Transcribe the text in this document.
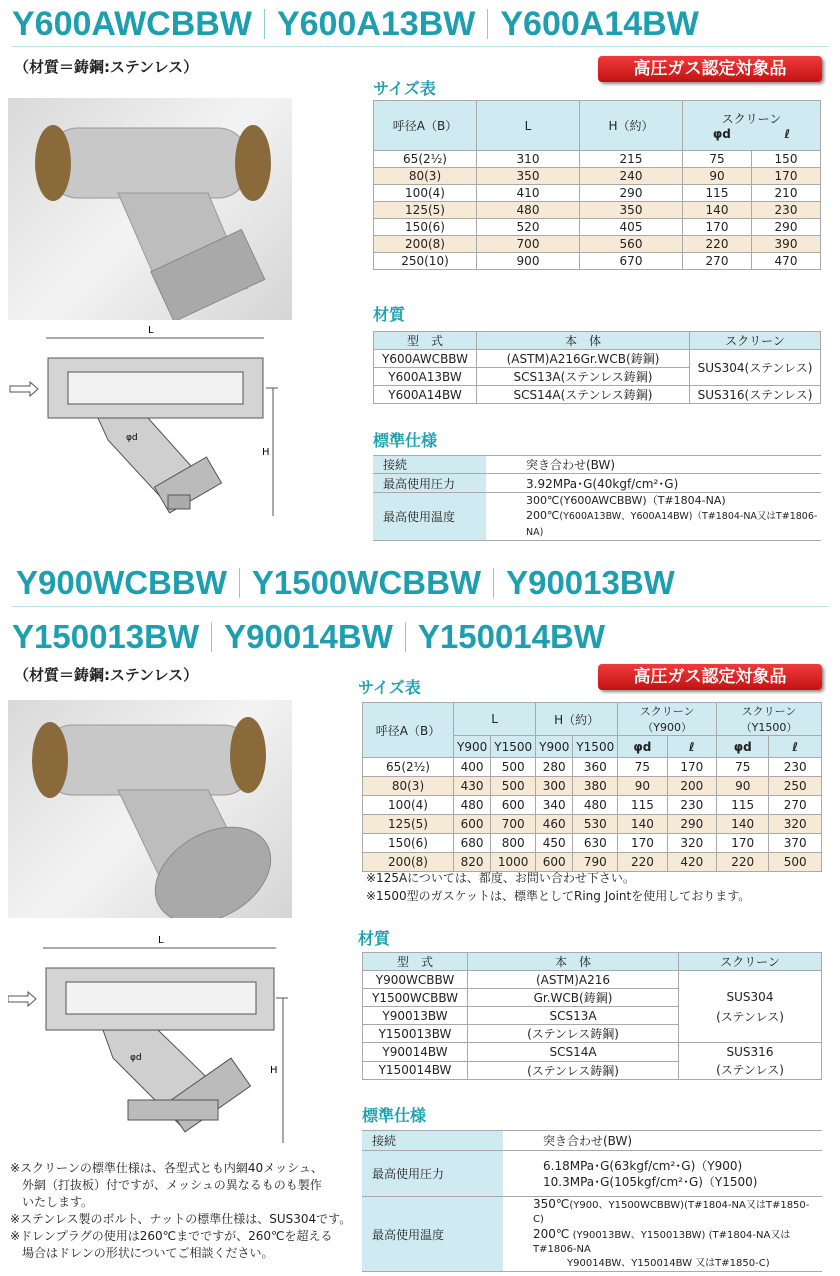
Y600AWCBBW Y600A13BW Y600A14BW
（材質＝鋳鋼:ステンレス）	高圧ガス認定対象品
L
H
φd
サイズ表
呼径A（B）	L	H（約）	スクリーン
φd ℓ	

65(2⅟₂)	310	215	75	150
80(3)	350	240	90	170
100(4)	410	290	115	210
125(5)	480	350	140	230
150(6)	520	405	170	290
200(8)	700	560	220	390
250(10)	900	670	270	470
材質
型　式	本　体	スクリーン
Y600AWCBBW	(ASTM)A216Gr.WCB(鋳鋼)	SUS304(ステンレス)
Y600A13BW	SCS13A(ステンレス鋳鋼)	
Y600A14BW	SCS14A(ステンレス鋳鋼)	SUS316(ステンレス)
標準仕様
接続	突き合わせ(BW)
最高使用圧力	3.92MPa･G(40kgf/cm²･G)
最高使用温度	300℃(Y600AWCBBW)（T#1804-NA)
200℃(Y600A13BW、Y600A14BW)（T#1804-NA又はT#1806-NA)
Y900WCBBW Y1500WCBBW Y90013BW
Y150013BW Y90014BW Y150014BW
（材質＝鋳鋼:ステンレス）	高圧ガス認定対象品
L
H
φd
サイズ表
呼径A（B）	L		H（約）		スクリーン（Y900）		スクリーン（Y1500）	
	Y900	Y1500	Y900	Y1500	φd	ℓ	φd	ℓ
65(2⅟₂)	400	500	280	360	75	170	75	230
80(3)	430	500	300	380	90	200	90	250
100(4)	480	600	340	480	115	230	115	270
125(5)	600	700	460	530	140	290	140	320
150(6)	680	800	450	630	170	320	170	370
200(8)	820	1000	600	790	220	420	220	500
※125Aについては、都度、お問い合わせ下さい。
※1500型のガスケットは、標準としてRing Jointを使用しております。
材質
型　式	本　体	スクリーン
Y900WCBBW	(ASTM)A216	SUS304
(ステンレス)

Y1500WCBBW	Gr.WCB(鋳鋼)	
Y90013BW	SCS13A	
Y150013BW	(ステンレス鋳鋼)	
Y90014BW	SCS14A	SUS316
(ステンレス)

Y150014BW	(ステンレス鋳鋼)	
標準仕様
接続	突き合わせ(BW)
最高使用圧力	6.18MPa･G(63kgf/cm²･G)（Y900)
10.3MPa･G(105kgf/cm²･G)（Y1500)

最高使用温度	350℃(Y900、Y1500WCBBW)(T#1804-NA又はT#1850-C)
200℃ (Y90013BW、Y150013BW) (T#1804-NA又はT#1806-NA
Y90014BW、Y150014BW 又はT#1850-C)
※スクリーンの標準仕様は、各型式とも内網40メッシュ、
　外網（打抜板）付ですが、メッシュの異なるものも製作
　いたします。
※ステンレス製のボルト、ナットの標準仕様は、SUS304です。
※ドレンプラグの使用は260℃までですが、260℃を超える
　場合はドレンの形状についてご相談ください。
